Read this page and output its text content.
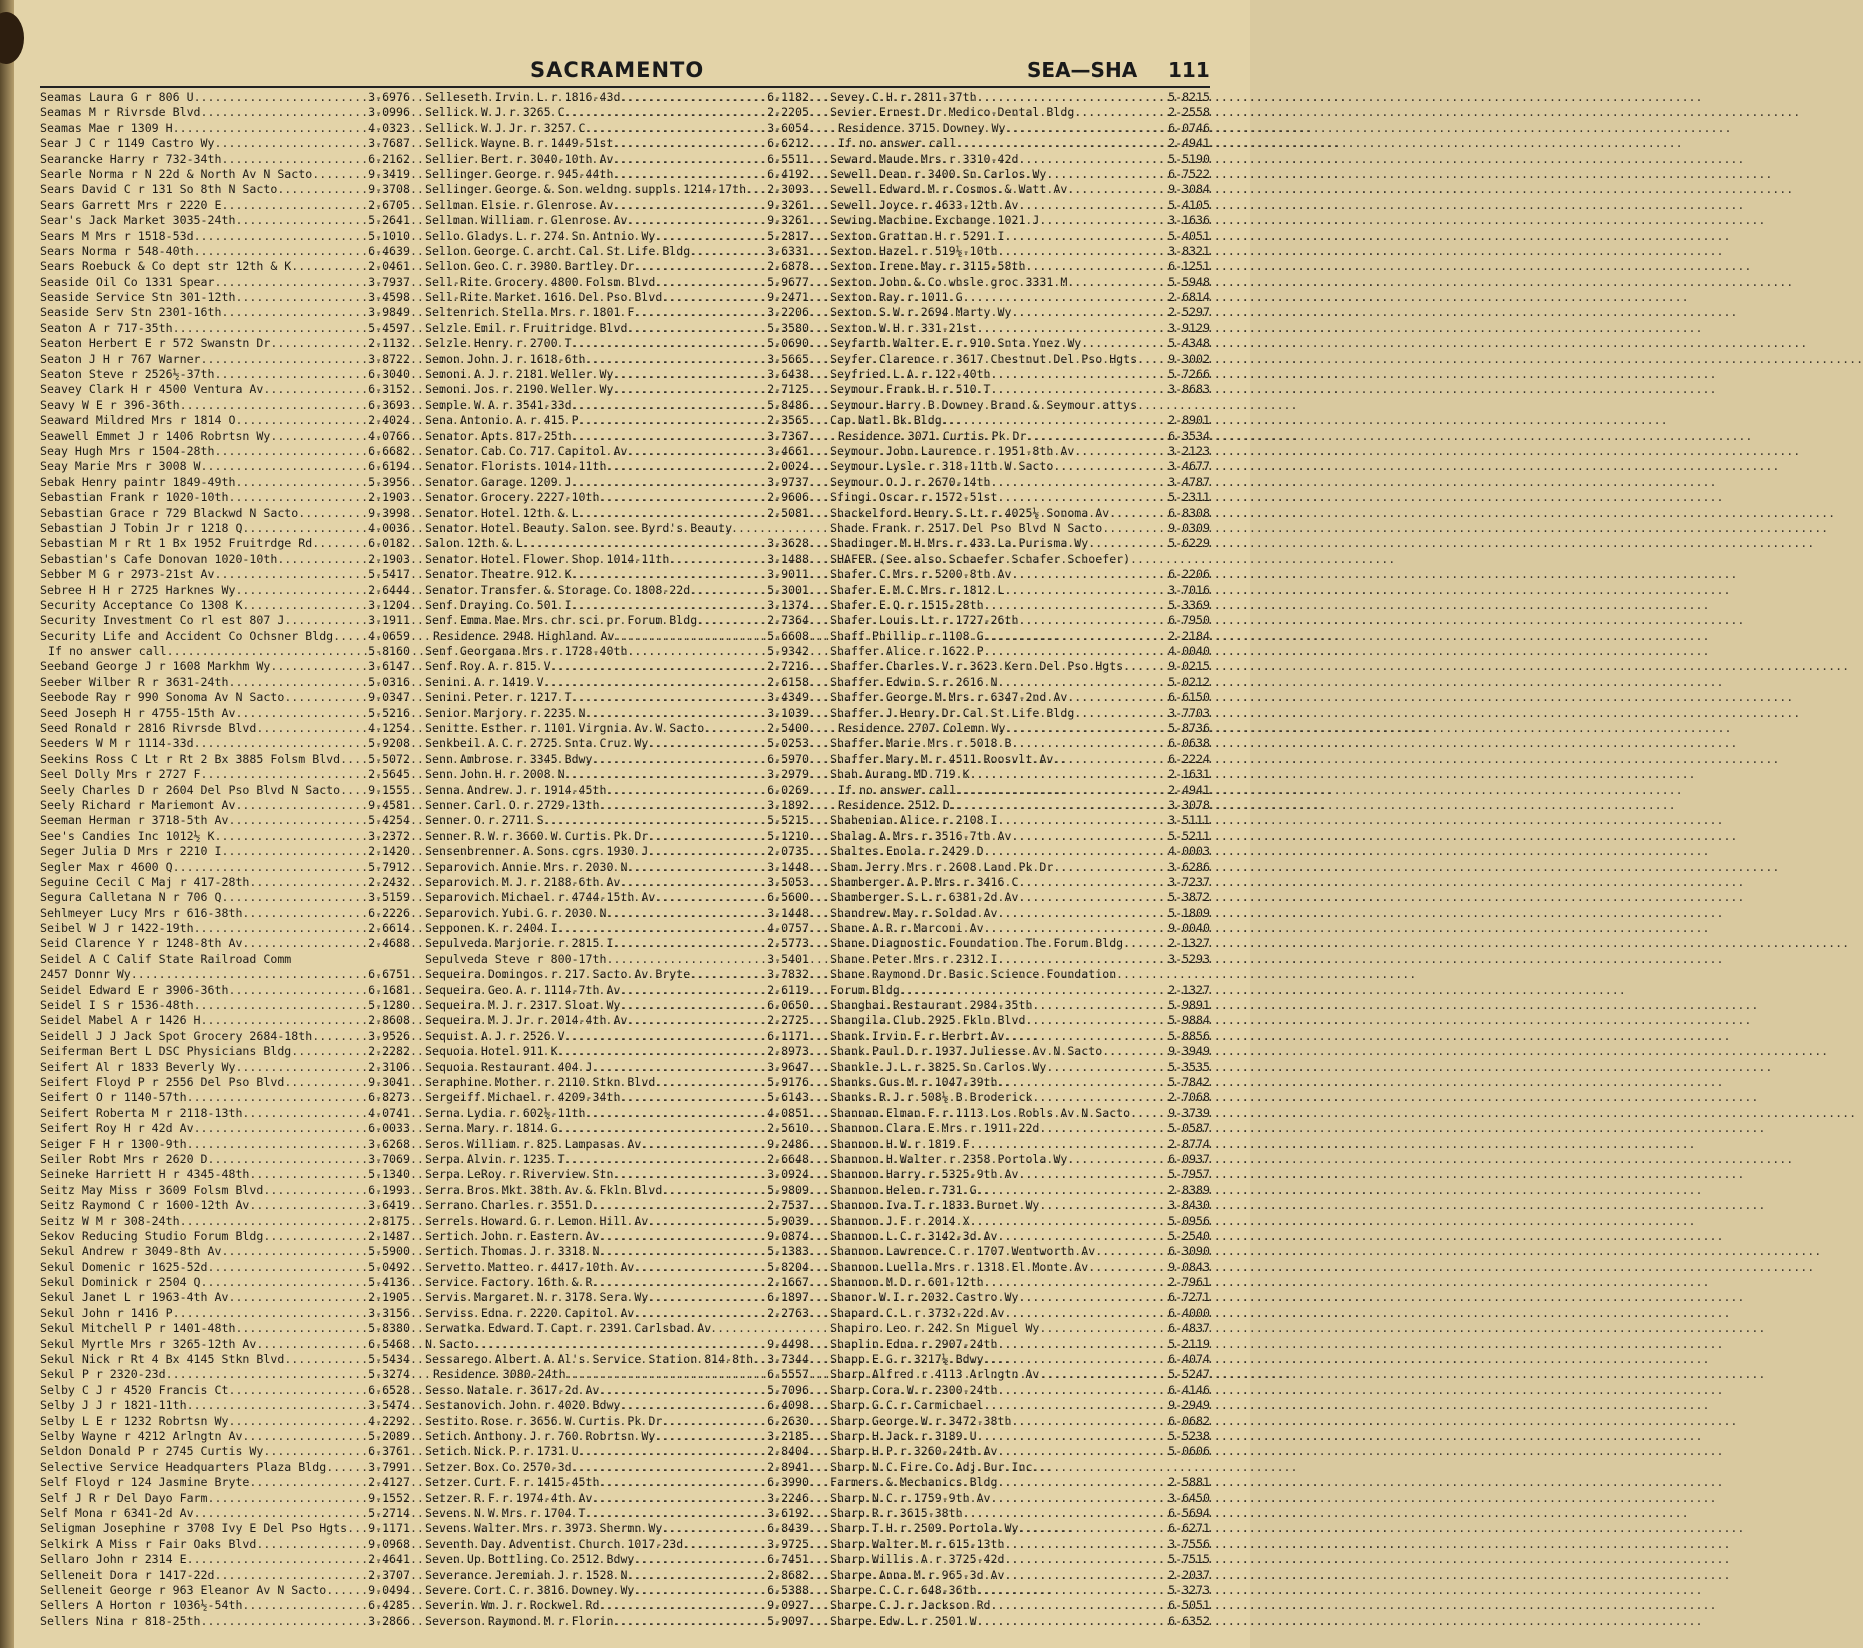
SACRAMENTO	SEA—SHA 111
Seamas Laura G r 806 U .....	3-6976
Seamas M r Rivrsde Blvd .....	3-0996
Seamas Mae r 1309 H .....	4-0323
Sear J C r 1149 Castro Wy .....	3-7687
Searancke Harry r 732-34th .....	6-2162
Searle Norma r N 22d & North Av N Sacto .....	9-3419
Sears David C r 131 So 8th N Sacto .....	9-3708
Sears Garrett Mrs r 2220 E .....	2-6705
Sear's Jack Market 3035-24th .....	5-2641
Sears M Mrs r 1518-53d .....	5-1010
Sears Norma r 548-40th .....	6-4639
Sears Roebuck & Co dept str 12th & K .....	2-0461
Seaside Oil Co 1331 Spear .....	3-7937
Seaside Service Stn 301-12th .....	3-4598
Seaside Serv Stn 2301-16th .....	3-9849
Seaton A r 717-35th .....	5-4597
Seaton Herbert E r 572 Swanstn Dr .....	2-1132
Seaton J H r 767 Warner .....	3-8722
Seaton Steve r 2526½-37th .....	6-3040
Seavey Clark H r 4500 Ventura Av .....	6-3152
Seavy W E r 396-36th .....	6-3693
Seaward Mildred Mrs r 1814 O .....	2-4024
Seawell Emmet J r 1406 Robrtsn Wy .....	4-0766
Seay Hugh Mrs r 1504-28th .....	6-6682
Seay Marie Mrs r 3008 W .....	6-6194
Sebak Henry paintr 1849-49th .....	5-3956
Sebastian Frank r 1020-10th .....	2-1903
Sebastian Grace r 729 Blackwd N Sacto .....	9-3998
Sebastian J Tobin Jr r 1218 Q .....	4-0036
Sebastian M r Rt 1 Bx 1952 Fruitrdge Rd .....	6-0182
Sebastian's Cafe Donovan 1020-10th .....	2-1903
Sebber M G r 2973-21st Av .....	5-5417
Sebree H H r 2725 Harknes Wy .....	2-6444
Security Acceptance Co 1308 K .....	3-1204
Security Investment Co rl est 807 J .....	3-1911
Security Life and Accident Co Ochsner Bldg .....	4-0659
If no answer call .....	5-8160
Seeband George J r 1608 Markhm Wy .....	3-6147
Seeber Wilber R r 3631-24th .....	5-0316
Seebode Ray r 990 Sonoma Av N Sacto .....	9-0347
Seed Joseph H r 4755-15th Av .....	5-5216
Seed Ronald r 2816 Rivrsde Blvd .....	4-1254
Seeders W M r 1114-33d .....	5-9208
Seekins Ross C Lt r Rt 2 Bx 3885 Folsm Blvd ..... 5-5072
Seel Dolly Mrs r 2727 F .....	2-5645
Seely Charles D r 2604 Del Pso Blvd N Sacto ..... 9-1555
Seely Richard r Mariemont Av .....	9-4581
Seeman Herman r 3718-5th Av .....	5-4254
See's Candies Inc 1012½ K .....	3-2372
Seger Julia D Mrs r 2210 I .....	2-1420
Segler Max r 4600 Q .....	5-7912
Seguine Cecil C Maj r 417-28th .....	2-2432
Segura Calletana N r 706 Q .....	3-5159
Sehlmeyer Lucy Mrs r 616-38th .....	6-2226
Seibel W J r 1422-19th .....	2-6614
Seid Clarence Y r 1248-8th Av .....	2-4688
Seidel A C Calif State Railroad Comm
2457 Donnr Wy .....	6-6751
Seidel Edward E r 3906-36th .....	6-1681
Seidel I S r 1536-48th .....	5-1280
Seidel Mabel A r 1426 H .....	2-8608
Seidell J J Jack Spot Grocery 2684-18th .....	3-9526
Seiferman Bert L DSC Physicians Bldg .....	2-2282
Seifert Al r 1833 Beverly Wy .....	2-3106
Seifert Floyd P r 2556 Del Pso Blvd .....	9-3041
Seifert O r 1140-57th .....	6-8273
Seifert Roberta M r 2118-13th .....	4-0741
Seifert Roy H r 42d Av .....	6-0033
Seiger F H r 1300-9th .....	3-6268
Seiler Robt Mrs r 2620 D .....	3-7069
Seineke Harriett H r 4345-48th .....	5-1340
Seitz May Miss r 3609 Folsm Blvd .....	6-1993
Seitz Raymond C r 1600-12th Av .....	3-6419
Seitz W M r 308-24th .....	2-8175
Sekov Reducing Studio Forum Bldg .....	2-1487
Sekul Andrew r 3049-8th Av .....	5-5900
Sekul Domenic r 1625-52d .....	5-0492
Sekul Dominick r 2504 Q .....	5-4136
Sekul Janet L r 1963-4th Av .....	2-1905
Sekul John r 1416 P .....	3-3156
Sekul Mitchell P r 1401-48th .....	5-8380
Sekul Myrtle Mrs r 3265-12th Av .....	6-5468
Sekul Nick r Rt 4 Bx 4145 Stkn Blvd .....	5-5434
Sekul P r 2320-23d .....	5-3274
Selby C J r 4520 Francis Ct .....	6-6528
Selby J J r 1821-11th .....	3-5474
Selby L E r 1232 Robrtsn Wy .....	4-2292
Selby Wayne r 4212 Arlngtn Av .....	5-2089
Seldon Donald P r 2745 Curtis Wy .....	6-3761
Selective Service Headquarters Plaza Bldg .....	3-7991
Self Floyd r 124 Jasmine Bryte .....	2-4127
Self J R r Del Dayo Farm .....	9-1552
Self Mona r 6341-2d Av .....	5-2714
Seligman Josephine r 3708 Ivy E Del Pso Hgts ..... 9-1171
Selkirk A Miss r Fair Oaks Blvd .....	9-0968
Sellaro John r 2314 E .....	2-4641
Selleneit Dora r 1417-22d .....	2-3707
Selleneit George r 963 Eleanor Av N Sacto .....	9-0494
Sellers A Horton r 1036½-54th .....	6-4285
Sellers Nina r 818-25th .....	3-2866
Selleseth Irvin L r 1816-43d .....	6-1182
Sellick W J r 3265 C .....	2-2205
Sellick W J Jr r 3257 C .....	3-6054
Sellick Wayne B r 1449-51st .....	6-6212
Sellier Bert r 3040-10th Av .....	6-5511
Sellinger George r 945-44th .....	6-4192
Sellinger George & Son weldng suppls 1214-17th ..... 2-3093
Sellman Elsie r Glenrose Av .....	9-3261
Sellman William r Glenrose Av .....	9-3261
Sello Gladys L r 274 Sn Antnio Wy .....	5-2817
Sellon George C archt Cal St Life Bldg .....	3-6331
Sellon Geo C r 3980 Bartley Dr .....	2-6878
Sell-Rite Grocery 4800 Folsm Blvd .....	5-9677
Sell-Rite Market 1616 Del Pso Blvd .....	9-2471
Seltenrich Stella Mrs r 1801 F .....	3-2206
Selzle Emil r Fruitridge Blvd .....	5-3580
Selzle Henry r 2700 T .....	5-0690
Semon John J r 1618-6th .....	3-5665
Semoni A J r 2181 Weller Wy .....	3-6438
Semoni Jos r 2190 Weller Wy .....	2-7125
Semple W A r 3541-33d .....	5-8486
Sena Antonio A r 415 P .....	2-3565
Senator Apts 817-25th .....	3-7367
Senator Cab Co 717 Capitol Av .....	3-4661
Senator Florists 1014-11th .....	2-0024
Senator Garage 1209 J .....	3-9737
Senator Grocery 2227-10th .....	2-9606
Senator Hotel 12th & L .....	2-5081
Senator Hotel Beauty Salon see Byrd's Beauty
Salon 12th & L .....	3-3628
Senator Hotel Flower Shop 1014-11th .....	3-1488
Senator Theatre 912 K .....	3-9011
Senator Transfer & Storage Co 1808-22d .....	5-3001
Senf Draying Co 501 I .....	3-1374
Senf Emma Mae Mrs chr sci pr Forum Bldg .....	2-7364
Residence 2948 Highland Av .....	5-6608
Senf Georgana Mrs r 1728-40th .....	5-9342
Senf Roy A r 815 V .....	2-7216
Senini A r 1419 V .....	2-6158
Senini Peter r 1217 T .....	3-4349
Senior Marjory r 2235 N .....	3-1039
Senitte Esther r 1101 Virgnia Av W Sacto .....	2-5400
Senkbeil A C r 2725 Snta Cruz Wy .....	5-0253
Senn Ambrose r 3345 Bdwy .....	6-5970
Senn John H r 2008 N .....	3-2979
Senna Andrew J r 1914-45th .....	6-0269
Senner Carl O r 2729-13th .....	3-1892
Senner O r 2711 S .....	5-5215
Senner R W r 3660 W Curtis Pk Dr .....	5-1210
Sensenbrenner A Sons cgrs 1930 J .....	2-0735
Separovich Annie Mrs r 2030 N .....	3-1448
Separovich M J r 2188-6th Av .....	3-5053
Separovich Michael r 4744-15th Av .....	6-5600
Separovich Yubi G r 2030 N .....	3-1448
Sepponen K r 2404 I .....	4-0757
Sepulveda Marjorie r 2815 I .....	2-5773
Sepulveda Steve r 800-17th .....	3-5401
Sequeira Domingos r 217 Sacto Av Bryte .....	3-7832
Sequeira Geo A r 1114-7th Av .....	2-6119
Sequeira M J r 2317 Sloat Wy .....	6-0650
Sequeira M J Jr r 2014-4th Av .....	2-2725
Sequist A J r 2526 V .....	6-1171
Sequoia Hotel 911 K .....	2-8973
Sequoia Restaurant 404 J .....	3-9647
Seraphine Mother r 2110 Stkn Blvd .....	5-9176
Sergeiff Michael r 4209-34th .....	5-6143
Serna Lydia r 602½-11th .....	4-0851
Serna Mary r 1814 G .....	2-5610
Seros William r 825 Lampasas Av .....	9-2486
Serpa Alvin r 1235 T .....	2-6648
Serpa LeRoy r Riverview Stn .....	3-0924
Serra Bros Mkt 38th Av & Fkln Blvd .....	5-9809
Serrano Charles r 3551 D .....	2-7537
Serrels Howard G r Lemon Hill Av .....	5-9039
Sertich John r Eastern Av .....	9-0874
Sertich Thomas J r 3318 N .....	5-1383
Servetto Matteo r 4417-10th Av .....	5-8204
Service Factory 16th & R .....	2-1667
Servis Margaret N r 3178 Sera Wy .....	6-1897
Serviss Edna r 2220 Capitol Av .....	2-2763
Serwatka Edward T Capt r 2391 Carlsbad Av
N Sacto .....	9-4498
Sessarego Albert A Al's Service Station 814-8th ..... 3-7344
Residence 3080-24th .....	6-5557
Sesso Natale r 3617-2d Av .....	5-7096
Sestanovich John r 4020 Bdwy .....	6-4098
Sestito Rose r 3656 W Curtis Pk Dr .....	6-2630
Setich Anthony J r 760 Robrtsn Wy .....	3-2185
Setich Nick P r 1731 U .....	2-8404
Setzer Box Co 2570-3d .....	2-8941
Setzer Curt F r 1415-45th .....	6-3990
Setzer R F r 1974-4th Av .....	3-2246
Sevens N W Mrs r 1704 T .....	3-6192
Sevens Walter Mrs r 3973 Shermn Wy .....	6-8439
Seventh Day Adventist Church 1017-23d .....	3-9725
Seven Up Bottling Co 2512 Bdwy .....	6-7451
Severance Jeremiah J r 1528 N .....	2-8682
Severe Cort C r 3816 Downey Wy .....	6-5388
Severin Wm J r Rockwel Rd .....	9-0927
Severson Raymond M r Florin .....	5-9097
Sevey C H r 2811-37th .....	5-8215
Sevier Ernest Dr Medico-Dental Bldg .....	2-2558
Residence 3715 Downey Wy .....	6-0746
If no answer call .....	2-4941
Seward Maude Mrs r 3310-42d .....	5-5190
Sewell Dean r 3400 Sn Carlos Wy .....	6-7522
Sewell Edward M r Cosmos & Watt Av .....	9-3084
Sewell Joyce r 4633-12th Av .....	5-4105
Sewing Machine Exchange 1021 J .....	3-1636
Sexton Grattan H r 5291 I .....	5-4051
Sexton Hazel r 519½-10th .....	3-8321
Sexton Irene May r 3115-58th .....	6-1251
Sexton John & Co whsle groc 3331 M .....	5-5948
Sexton Ray r 1011 G .....	2-6814
Sexton S W r 2694 Marty Wy .....	2-5297
Sexton W H r 331-21st .....	3-9129
Seyfarth Walter E r 910 Snta Ynez Wy .....	5-4348
Seyfer Clarence r 3617 Chestnut Del Pso Hgts .....	9-3002
Seyfried L A r 122-40th .....	5-7266
Seymour Frank H r 510 T .....	3-8683
Seymour Harry B Downey Brand & Seymour attys
Cap Natl Bk Bldg .....	2-8901
Residence 3071 Curtis Pk Dr .....	6-3534
Seymour John Laurence r 1951-8th Av .....	3-2123
Seymour Lysle r 318-11th W Sacto .....	3-4677
Seymour O J r 2670-14th .....	3-4787
Sfingi Oscar r 1572-51st .....	5-2311
Shackelford Henry S Lt r 4025½ Sonoma Av .....	6-8308
Shade Frank r 2517 Del Pso Blvd N Sacto .....	9-0309
Shadinger M H Mrs r 433 La Purisma Wy .....	5-6229
SHAFER (See also Schaefer Schafer Schoefer)
Shafer C Mrs r 5200-8th Av .....	6-2206
Shafer E M C Mrs r 1812 L .....	3-7016
Shafer E Q r 1515-28th .....	5-3369
Shafer Louis Lt r 1727-26th .....	6-7950
Shaff Phillip r 1108 G .....	2-2184
Shaffer Alice r 1622 P .....	4-0040
Shaffer Charles V r 3623 Kern Del Pso Hgts .....	9-0215
Shaffer Edwin S r 2616 N .....	5-0212
Shaffer George M Mrs r 6347-2nd Av .....	6-6150
Shaffer J Henry Dr Cal St Life Bldg .....	3-7703
Residence 2707 Colemn Wy .....	5-8736
Shaffer Marie Mrs r 5018 B .....	6-0638
Shaffer Mary M r 4511 Roosvlt Av .....	6-2224
Shah Aurang MD 719 K .....	2-1631
If no answer call .....	2-4941
Residence 2512 D .....	3-3078
Shahenian Alice r 2108 I .....	3-5111
Shalag A Mrs r 3516-7th Av .....	5-5211
Shaltes Enola r 2429 D .....	4-0003
Sham Jerry Mrs r 2608 Land Pk Dr .....	3-6286
Shamberger A P Mrs r 3416 C .....	3-7237
Shamberger S L r 6381-2d Av .....	5-3872
Shandrew May r Soldad Av .....	5-1809
Shane A R r Marconi Av .....	9-0040
Shane Diagnostic Foundation The Forum Bldg .....	2-1327
Shane Peter Mrs r 2312 I .....	3-5293
Shane Raymond Dr Basic Science Foundation
Forum Bldg .....	2-1327
Shanghai Restaurant 2984-35th .....	5-9891
Shangila Club 2925 Fkln Blvd .....	5-9884
Shank Irvin F r Herbrt Av .....	5-8856
Shank Paul D r 1937 Juliesse Av N Sacto .....	9-3949
Shankle J L r 3825 Sn Carlos Wy .....	5-3535
Shanks Gus M r 1047-39th .....	5-7842
Shanks R J r 508½ B Broderick .....	2-7068
Shannan Elman F r 1113 Los Robls Av N Sacto .....	9-3739
Shannon Clara E Mrs r 1911-22d .....	5-0587
Shannon H W r 1819 F .....	2-8774
Shannon H Walter r 2358 Portola Wy .....	6-0937
Shannon Harry r 5325-9th Av .....	5-7957
Shannon Helen r 731 G .....	2-8389
Shannon Iva T r 1833 Burnet Wy .....	3-8430
Shannon J F r 2014 X .....	5-0956
Shannon L C r 3142-3d Av .....	5-2540
Shannon Lawrence C r 1707 Wentworth Av .....	6-3090
Shannon Luella Mrs r 1318 El Monte Av .....	9-0843
Shannon M D r 601-12th .....	2-7961
Shanor W I r 2032 Castro Wy .....	6-7271
Shapard C L r 3732-22d Av .....	6-4000
Shapiro Leo r 242 Sn Miguel Wy .....	6-4837
Shaplin Edna r 2907-24th .....	5-2119
Shapp E G r 3217½ Bdwy .....	6-4074
Sharp Alfred r 4113 Arlngtn Av .....	5-5247
Sharp Cora W r 2300-24th .....	6-4146
Sharp G C r Carmichael .....	9-2949
Sharp George W r 3472-38th .....	6-0682
Sharp H Jack r 3189 U .....	5-5238
Sharp H P r 3260-24th Av .....	5-0606
Sharp N C Fire Co Adj Bur Inc
Farmers & Mechanics Bldg .....	2-5881
Sharp N C r 1759-9th Av .....	3-6450
Sharp R r 3615-38th .....	6-5694
Sharp T H r 2509 Portola Wy .....	6-6271
Sharp Walter M r 615-13th .....	3-7556
Sharp Willis A r 3725-42d .....	5-7515
Sharpe Anna M r 965-3d Av .....	2-2037
Sharpe C C r 648-36th .....	5-3273
Sharpe C J r Jackson Rd .....	6-5051
Sharpe Edw L r 2501 W .....	6-6352
